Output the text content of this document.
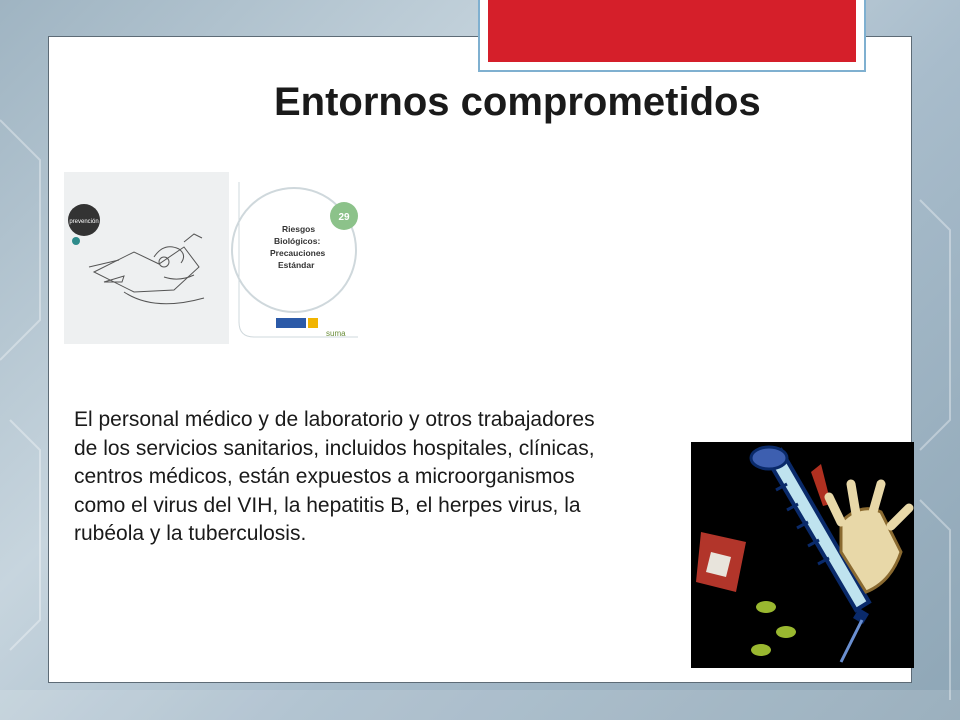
Entornos comprometidos
prevención	29
Riesgos
Biológicos:
Precauciones
Estándar
suma

El personal médico y de laboratorio y otros trabajadores de los servicios sanitarios, incluidos hospitales, clínicas, centros médicos, están expuestos a microorganismos como el virus del VIH, la hepatitis B, el herpes virus, la rubéola y la tuberculosis.
